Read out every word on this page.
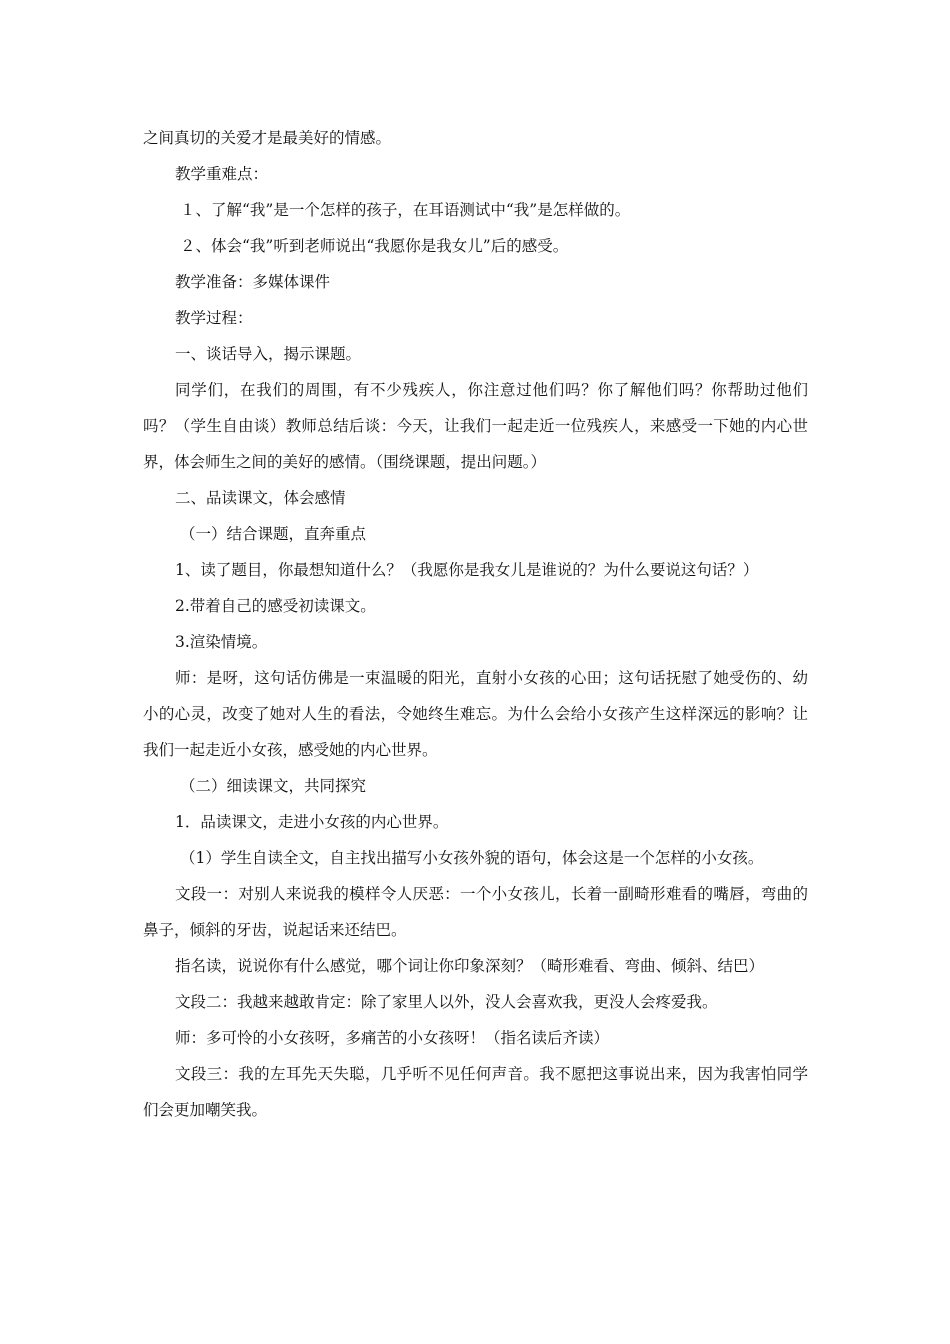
之间真切的关爱才是最美好的情感。

教学重难点：

１、了解“我”是一个怎样的孩子，在耳语测试中“我”是怎样做的。

２、体会“我”听到老师说出“我愿你是我女儿”后的感受。

教学准备：多媒体课件

教学过程：

一、谈话导入，揭示课题。

同学们，在我们的周围，有不少残疾人，你注意过他们吗？你了解他们吗？你帮助过他们吗？（学生自由谈）教师总结后谈：今天，让我们一起走近一位残疾人，来感受一下她的内心世界，体会师生之间的美好的感情。（围绕课题，提出问题。）

二、品读课文，体会感情

（一）结合课题，直奔重点

1、读了题目，你最想知道什么？（我愿你是我女儿是谁说的？为什么要说这句话？）

2.带着自己的感受初读课文。

3.渲染情境。

师：是呀，这句话仿佛是一束温暖的阳光，直射小女孩的心田；这句话抚慰了她受伤的、幼小的心灵，改变了她对人生的看法，令她终生难忘。为什么会给小女孩产生这样深远的影响？让我们一起走近小女孩，感受她的内心世界。

（二）细读课文，共同探究

1．品读课文，走进小女孩的内心世界。

（1）学生自读全文，自主找出描写小女孩外貌的语句，体会这是一个怎样的小女孩。

文段一：对别人来说我的模样令人厌恶：一个小女孩儿，长着一副畸形难看的嘴唇，弯曲的鼻子，倾斜的牙齿，说起话来还结巴。

指名读，说说你有什么感觉，哪个词让你印象深刻？（畸形难看、弯曲、倾斜、结巴）

文段二：我越来越敢肯定：除了家里人以外，没人会喜欢我，更没人会疼爱我。

师：多可怜的小女孩呀，多痛苦的小女孩呀！（指名读后齐读）

文段三：我的左耳先天失聪，几乎听不见任何声音。我不愿把这事说出来，因为我害怕同学们会更加嘲笑我。
